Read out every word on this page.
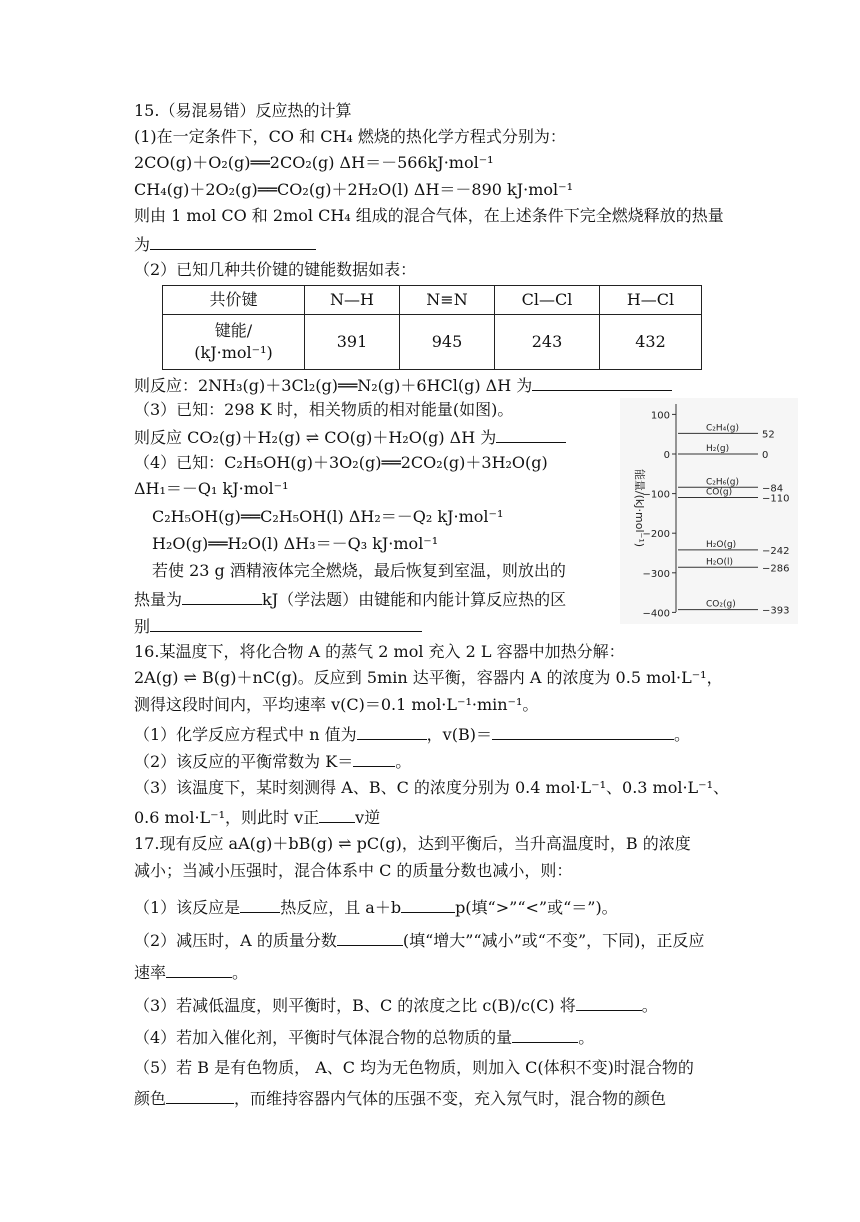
15.（易混易错）反应热的计算
(1)在一定条件下，CO 和 CH₄ 燃烧的热化学方程式分别为：
2CO(g)＋O₂(g)══2CO₂(g) ΔH＝－566kJ·mol⁻¹
CH₄(g)＋2O₂(g)══CO₂(g)＋2H₂O(l) ΔH＝－890 kJ·mol⁻¹
则由 1 mol CO 和 2mol CH₄ 组成的混合气体，在上述条件下完全燃烧释放的热量
为
（2）已知几种共价键的键能数据如表：
共价键	N—H	N≡N	Cl—Cl	H—Cl

键能/
(kJ·mol⁻¹)	391	945	243	432
则反应：2NH₃(g)＋3Cl₂(g)══N₂(g)＋6HCl(g) ΔH 为
（3）已知：298 K 时，相关物质的相对能量(如图)。
则反应 CO₂(g)＋H₂(g) ⇌ CO(g)＋H₂O(g) ΔH 为
（4）已知：C₂H₅OH(g)＋3O₂(g)══2CO₂(g)＋3H₂O(g)
ΔH₁＝－Q₁ kJ·mol⁻¹
C₂H₅OH(g)══C₂H₅OH(l) ΔH₂＝－Q₂ kJ·mol⁻¹
H₂O(g)══H₂O(l) ΔH₃＝－Q₃ kJ·mol⁻¹
若使 23 g 酒精液体完全燃烧，最后恢复到室温，则放出的
热量为	kJ（学法题）由键能和内能计算反应热的区
别
100
0
−100
−200
−300
−400
C₂H₄(g)
52
H₂(g)
0
C₂H₆(g)
−84
CO(g)
−110
H₂O(g)
−242
H₂O(l)
−286
CO₂(g)
−393
能量/(kJ·mol⁻¹)
16.某温度下，将化合物 A 的蒸气 2 mol 充入 2 L 容器中加热分解：
2A(g) ⇌ B(g)＋nC(g)。反应到 5min 达平衡，容器内 A 的浓度为 0.5 mol·L⁻¹，
测得这段时间内，平均速率 v(C)＝0.1 mol·L⁻¹·min⁻¹。
（1）化学反应方程式中 n 值为	，v(B)＝	。
（2）该反应的平衡常数为 K＝	。
（3）该温度下，某时刻测得 A、B、C 的浓度分别为 0.4 mol·L⁻¹、0.3 mol·L⁻¹、
0.6 mol·L⁻¹，则此时 v正 v逆
17.现有反应 aA(g)＋bB(g) ⇌ pC(g)，达到平衡后，当升高温度时，B 的浓度
减小；当减小压强时，混合体系中 C 的质量分数也减小，则：
（1）该反应是	热反应，且 a＋b	p(填“>”“<”或“＝”)。
（2）减压时，A 的质量分数	(填“增大”“减小”或“不变”，下同)，正反应
速率	。
（3）若减低温度，则平衡时，B、C 的浓度之比 c(B)/c(C) 将	。
（4）若加入催化剂，平衡时气体混合物的总物质的量	。
（5）若 B 是有色物质， A、C 均为无色物质，则加入 C(体积不变)时混合物的
颜色	，而维持容器内气体的压强不变，充入氖气时，混合物的颜色
